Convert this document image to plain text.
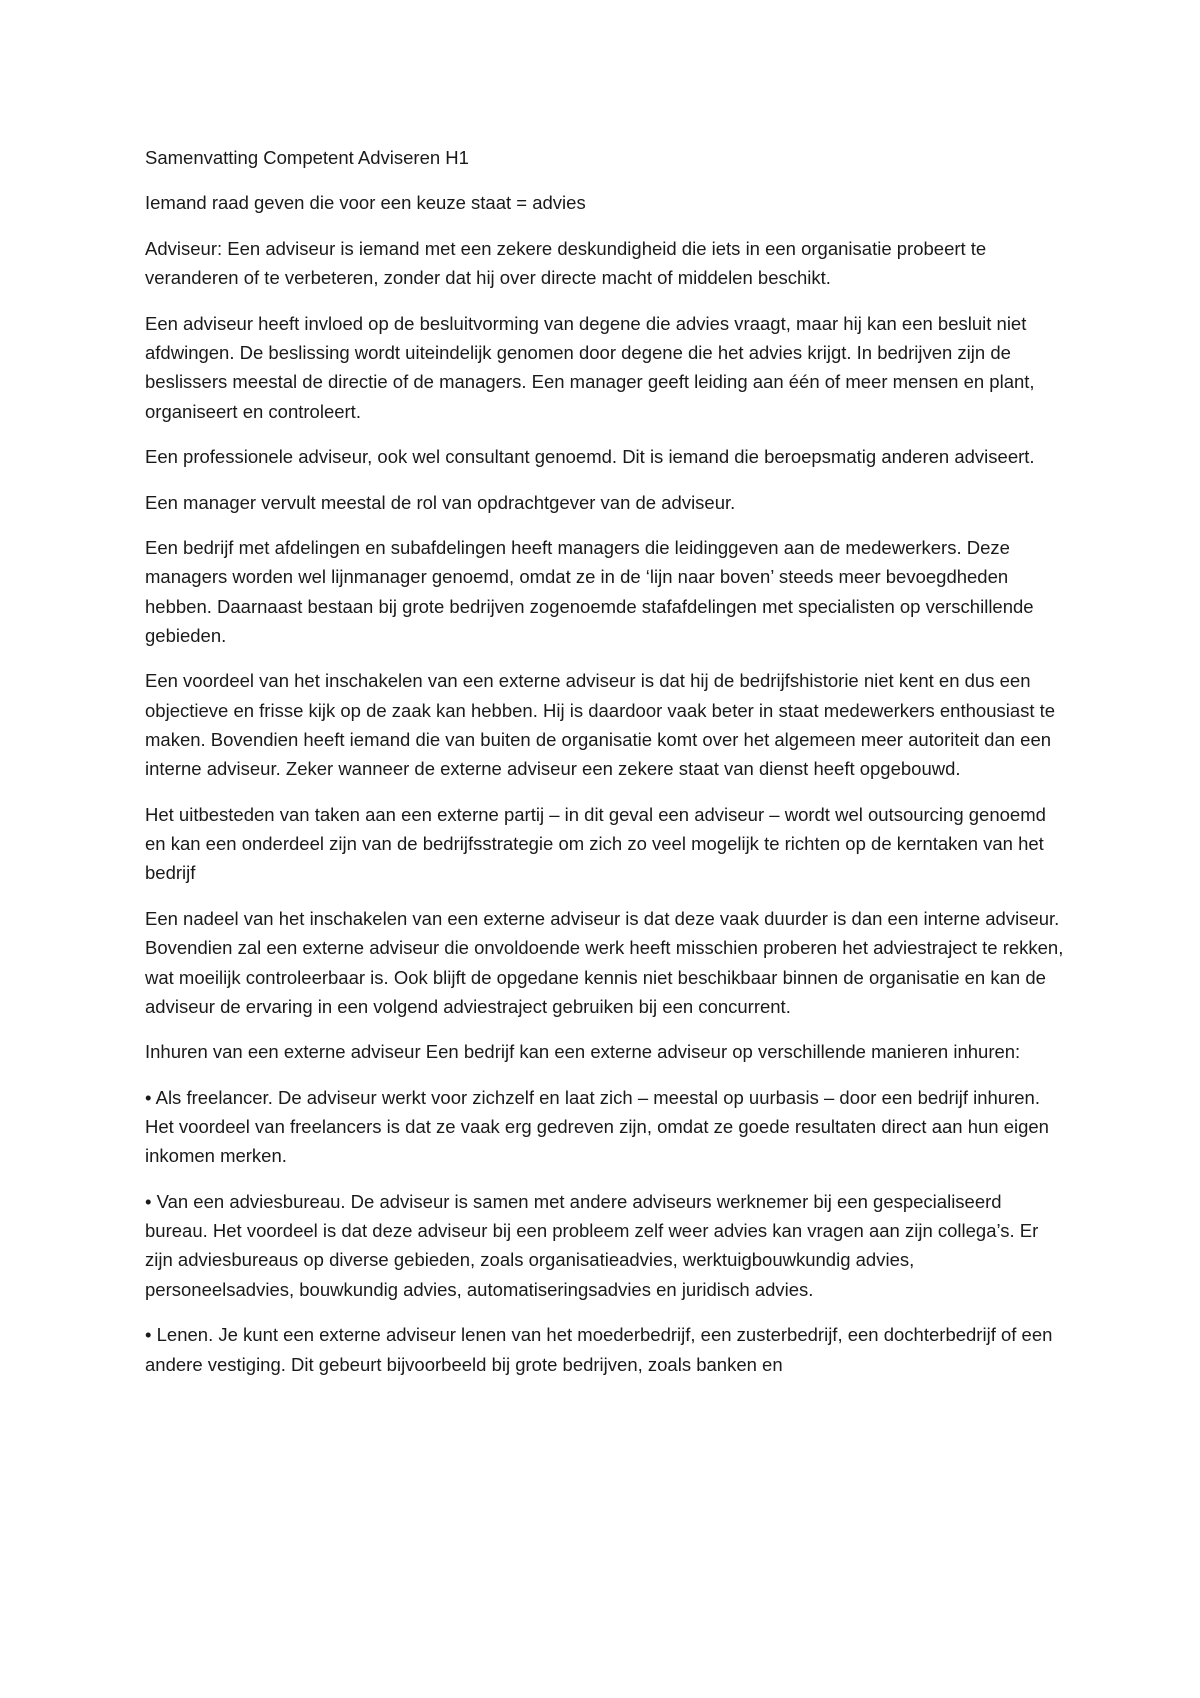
Samenvatting Competent Adviseren H1

Iemand raad geven die voor een keuze staat = advies

Adviseur: Een adviseur is iemand met een zekere deskundigheid die iets in een organisatie probeert te veranderen of te verbeteren, zonder dat hij over directe macht of middelen beschikt.

Een adviseur heeft invloed op de besluitvorming van degene die advies vraagt, maar hij kan een besluit niet afdwingen. De beslissing wordt uiteindelijk genomen door degene die het advies krijgt. In bedrijven zijn de beslissers meestal de directie of de managers. Een manager geeft leiding aan één of meer mensen en plant, organiseert en controleert.

Een professionele adviseur, ook wel consultant genoemd. Dit is iemand die beroepsmatig anderen adviseert.

Een manager vervult meestal de rol van opdrachtgever van de adviseur.

Een bedrijf met afdelingen en subafdelingen heeft managers die leidinggeven aan de medewerkers. Deze managers worden wel lijnmanager genoemd, omdat ze in de ‘lijn naar boven’ steeds meer bevoegdheden hebben. Daarnaast bestaan bij grote bedrijven zogenoemde stafafdelingen met specialisten op verschillende gebieden.

Een voordeel van het inschakelen van een externe adviseur is dat hij de bedrijfshistorie niet kent en dus een objectieve en frisse kijk op de zaak kan hebben. Hij is daardoor vaak beter in staat medewerkers enthousiast te maken. Bovendien heeft iemand die van buiten de organisatie komt over het algemeen meer autoriteit dan een interne adviseur. Zeker wanneer de externe adviseur een zekere staat van dienst heeft opgebouwd.

Het uitbesteden van taken aan een externe partij – in dit geval een adviseur – wordt wel outsourcing genoemd en kan een onderdeel zijn van de bedrijfsstrategie om zich zo veel mogelijk te richten op de kerntaken van het bedrijf

Een nadeel van het inschakelen van een externe adviseur is dat deze vaak duurder is dan een interne adviseur. Bovendien zal een externe adviseur die onvoldoende werk heeft misschien proberen het adviestraject te rekken, wat moeilijk controleerbaar is. Ook blijft de opgedane kennis niet beschikbaar binnen de organisatie en kan de adviseur de ervaring in een volgend adviestraject gebruiken bij een concurrent.

Inhuren van een externe adviseur Een bedrijf kan een externe adviseur op verschillende manieren inhuren:

• Als freelancer. De adviseur werkt voor zichzelf en laat zich – meestal op uurbasis – door een bedrijf inhuren. Het voordeel van freelancers is dat ze vaak erg gedreven zijn, omdat ze goede resultaten direct aan hun eigen inkomen merken.

• Van een adviesbureau. De adviseur is samen met andere adviseurs werknemer bij een gespecialiseerd bureau. Het voordeel is dat deze adviseur bij een probleem zelf weer advies kan vragen aan zijn collega’s. Er zijn adviesbureaus op diverse gebieden, zoals organisatieadvies, werktuigbouwkundig advies, personeelsadvies, bouwkundig advies, automatiseringsadvies en juridisch advies.

• Lenen. Je kunt een externe adviseur lenen van het moederbedrijf, een zusterbedrijf, een dochterbedrijf of een andere vestiging. Dit gebeurt bijvoorbeeld bij grote bedrijven, zoals banken en
